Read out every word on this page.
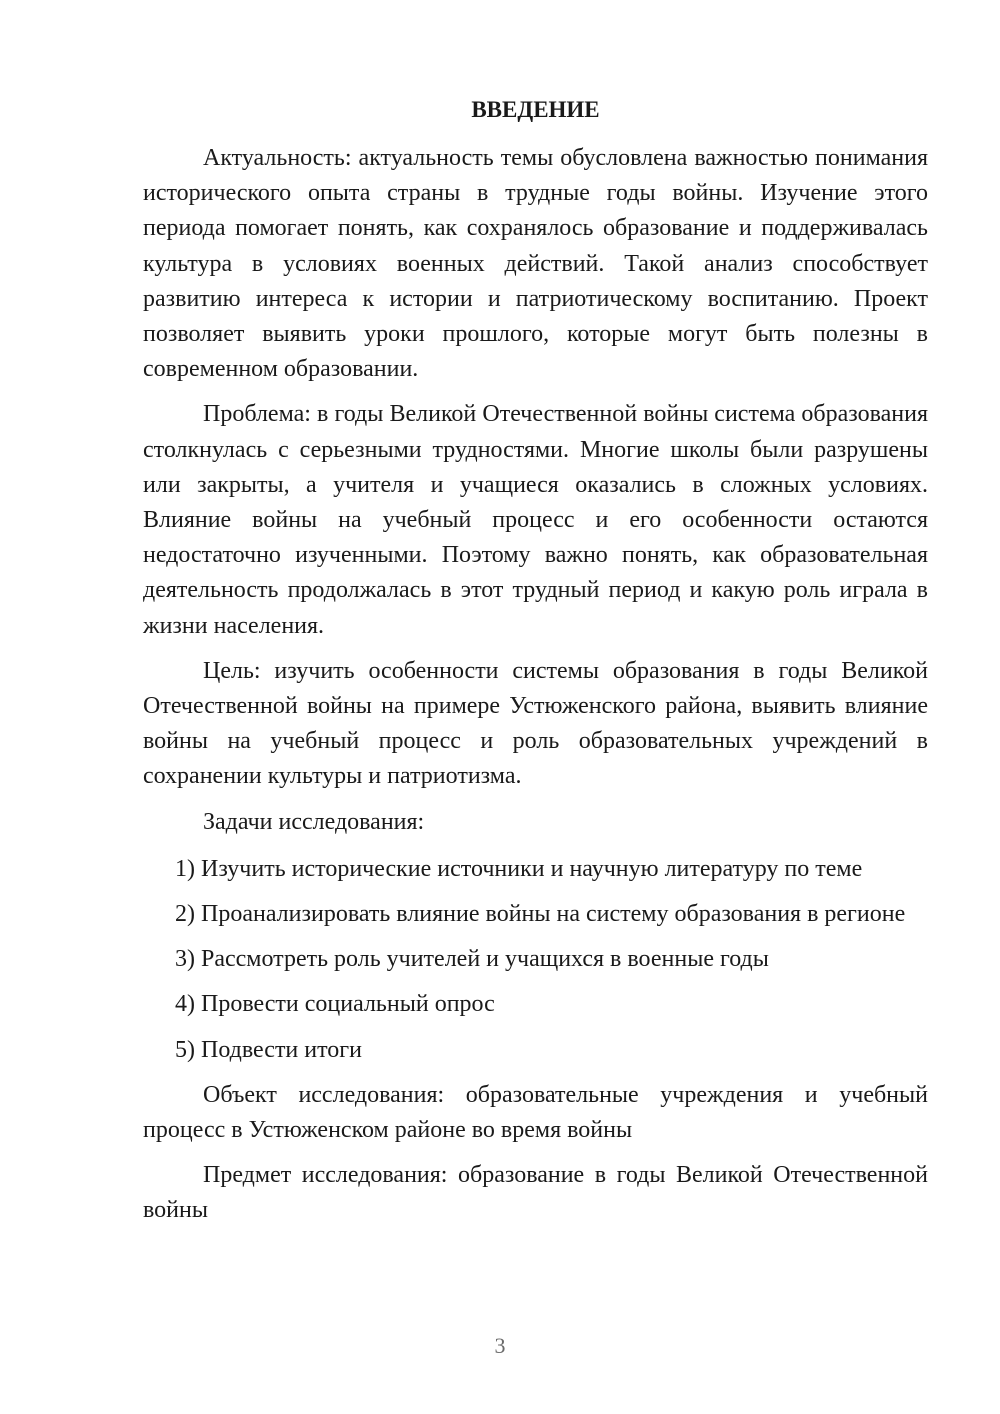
ВВЕДЕНИЕ

Актуальность: актуальность темы обусловлена важностью понимания исторического опыта страны в трудные годы войны. Изучение этого периода помогает понять, как сохранялось образование и поддерживалась культура в условиях военных действий. Такой анализ способствует развитию интереса к истории и патриотическому воспитанию. Проект позволяет выявить уроки прошлого, которые могут быть полезны в современном образовании.

Проблема: в годы Великой Отечественной войны система образования столкнулась с серьезными трудностями. Многие школы были разрушены или закрыты, а учителя и учащиеся оказались в сложных условиях. Влияние войны на учебный процесс и его особенности остаются недостаточно изученными. Поэтому важно понять, как образовательная деятельность продолжалась в этот трудный период и какую роль играла в жизни населения.

Цель: изучить особенности системы образования в годы Великой Отечественной войны на примере Устюженского района, выявить влияние войны на учебный процесс и роль образовательных учреждений в сохранении культуры и патриотизма.

Задачи исследования:

1) Изучить исторические источники и научную литературу по теме

2) Проанализировать влияние войны на систему образования в регионе

3) Рассмотреть роль учителей и учащихся в военные годы

4) Провести социальный опрос

5) Подвести итоги

Объект исследования: образовательные учреждения и учебный процесс в Устюженском районе во время войны

Предмет исследования: образование в годы Великой Отечественной войны

3
